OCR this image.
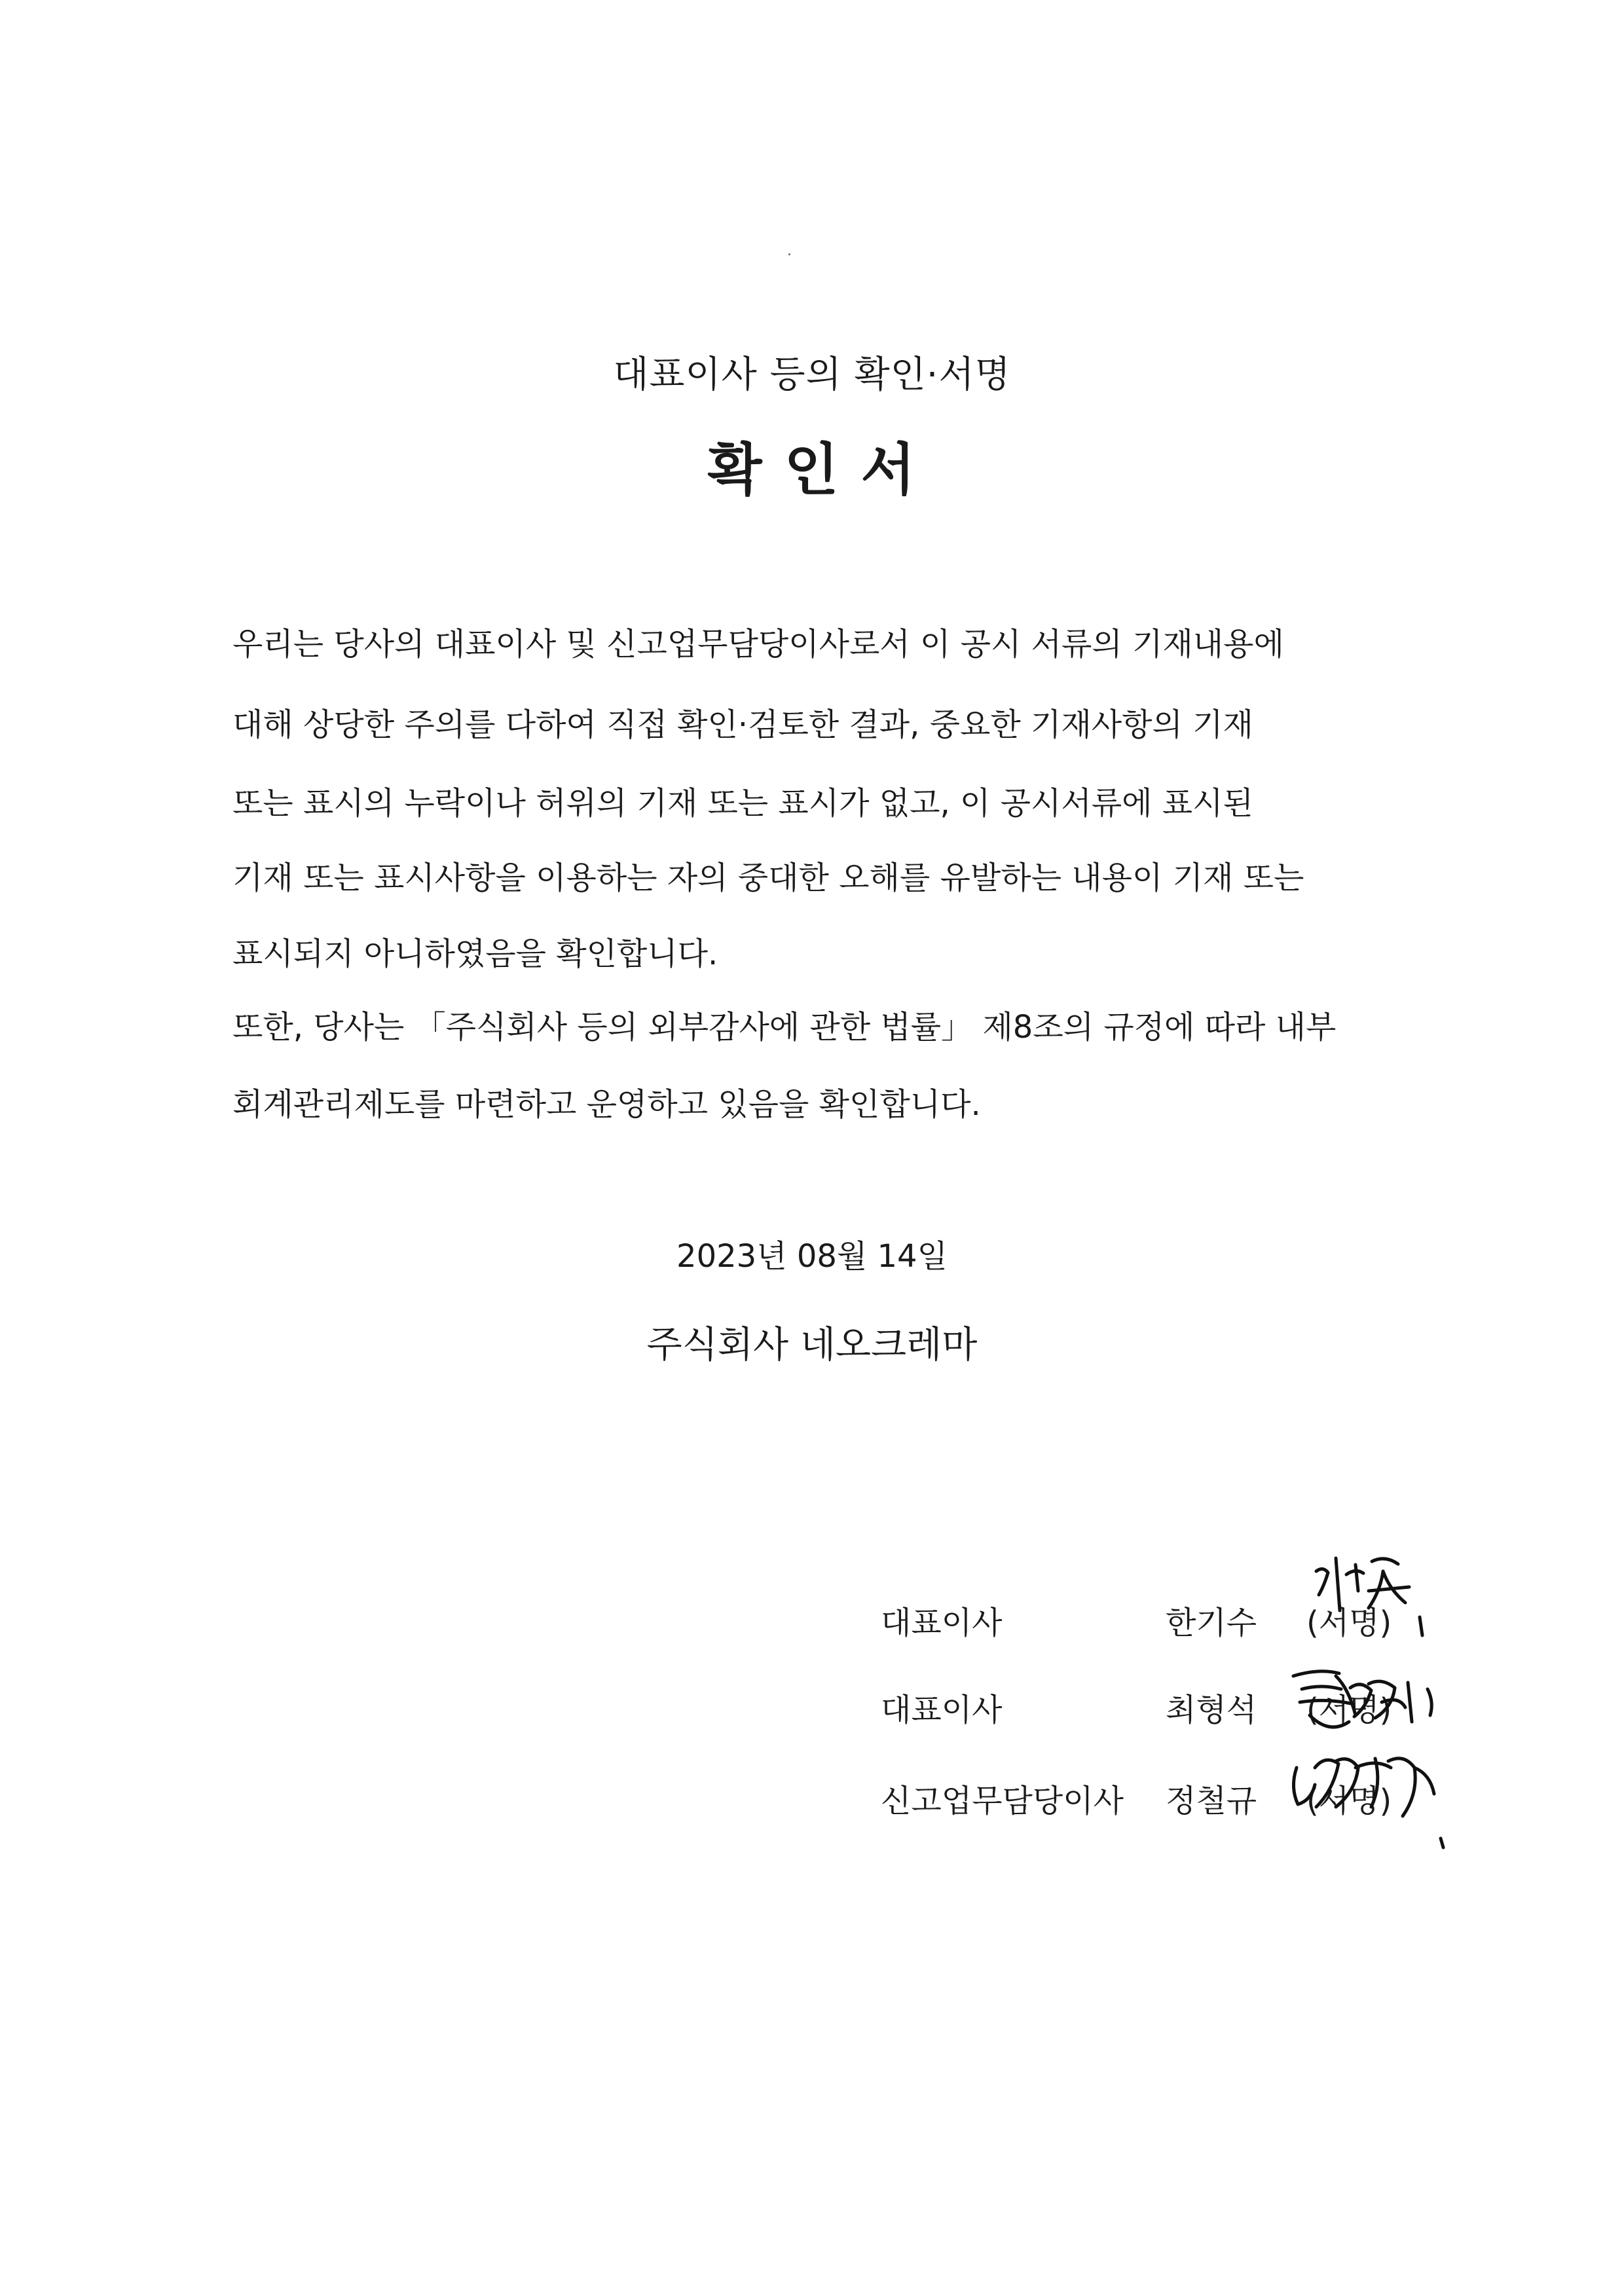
대표이사 등의 확인·서명
확 인 서
우리는 당사의 대표이사 및 신고업무담당이사로서 이 공시 서류의 기재내용에
대해 상당한 주의를 다하여 직접 확인·검토한 결과, 중요한 기재사항의 기재
또는 표시의 누락이나 허위의 기재 또는 표시가 없고, 이 공시서류에 표시된
기재 또는 표시사항을 이용하는 자의 중대한 오해를 유발하는 내용이 기재 또는
표시되지 아니하였음을 확인합니다.
또한, 당사는 「주식회사 등의 외부감사에 관한 법률」 제8조의 규정에 따라 내부
회계관리제도를 마련하고 운영하고 있음을 확인합니다.
2023년 08월 14일
주식회사 네오크레마
대표이사	한기수 (서명)
대표이사	최형석 (서명)
신고업무담당이사 정철규 (서명)
